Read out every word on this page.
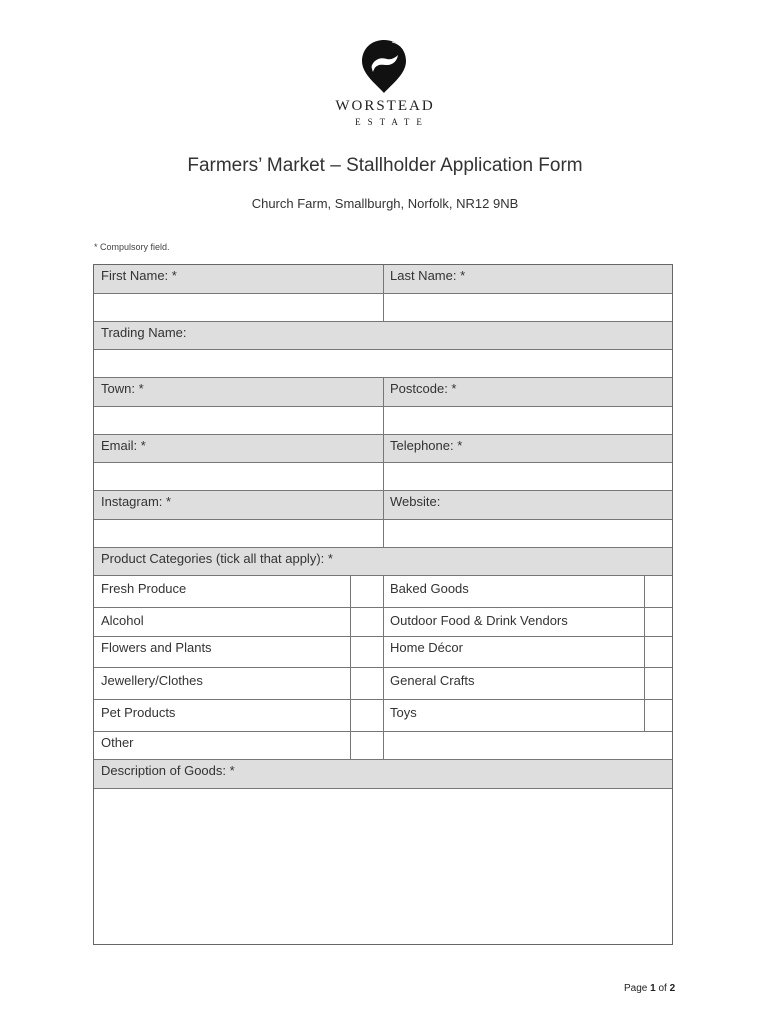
WORSTEAD
ESTATE
Farmers’ Market – Stallholder Application Form
Church Farm, Smallburgh, Norfolk, NR12 9NB
* Compulsory field.
First Name: *	Last Name: *
Trading Name:
Town: *	Postcode: *
Email: *	Telephone: *
Instagram: *	Website:
Product Categories (tick all that apply): *
Fresh Produce	Baked Goods
Alcohol	Outdoor Food & Drink Vendors
Flowers and Plants	Home Décor
Jewellery/Clothes	General Crafts
Pet Products	Toys
Other
Description of Goods: *
Page 1 of 2
